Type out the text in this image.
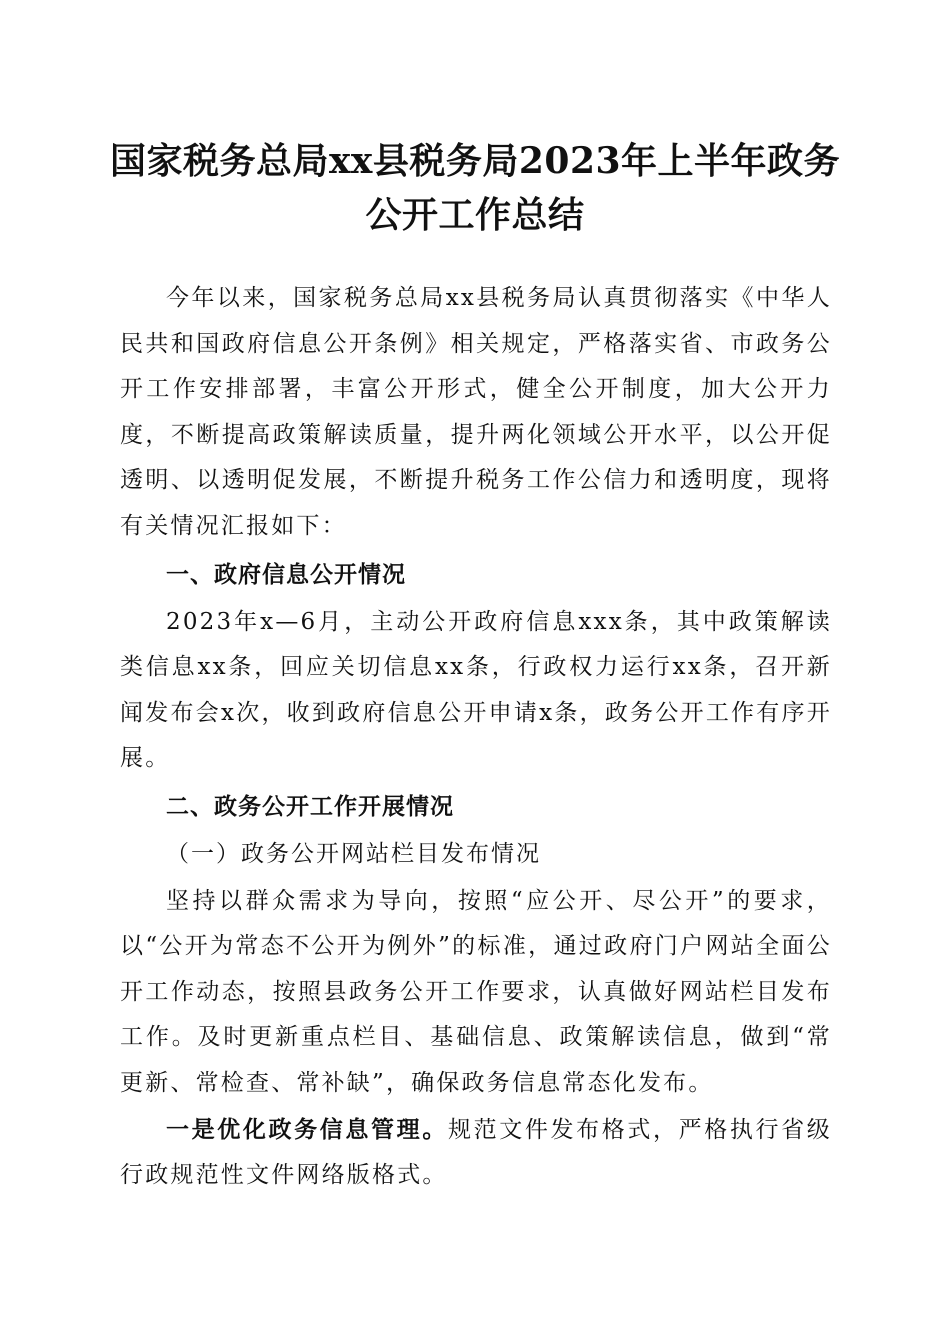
国家税务总局xx县税务局2023年上半年政务公开工作总结

今年以来，国家税务总局xx县税务局认真贯彻落实《中华人民共和国政府信息公开条例》相关规定，严格落实省、市政务公开工作安排部署，丰富公开形式，健全公开制度，加大公开力度，不断提高政策解读质量，提升两化领域公开水平，以公开促透明、以透明促发展，不断提升税务工作公信力和透明度，现将有关情况汇报如下：

一、政府信息公开情况

2023年x—6月，主动公开政府信息xxx条，其中政策解读类信息xx条，回应关切信息xx条，行政权力运行xx条，召开新闻发布会x次，收到政府信息公开申请x条，政务公开工作有序开展。

二、政务公开工作开展情况

（一）政务公开网站栏目发布情况

坚持以群众需求为导向，按照“应公开、尽公开”的要求，以“公开为常态不公开为例外”的标准，通过政府门户网站全面公开工作动态，按照县政务公开工作要求，认真做好网站栏目发布工作。及时更新重点栏目、基础信息、政策解读信息，做到“常更新、常检查、常补缺”，确保政务信息常态化发布。

一是优化政务信息管理。规范文件发布格式，严格执行省级行政规范性文件网络版格式。
